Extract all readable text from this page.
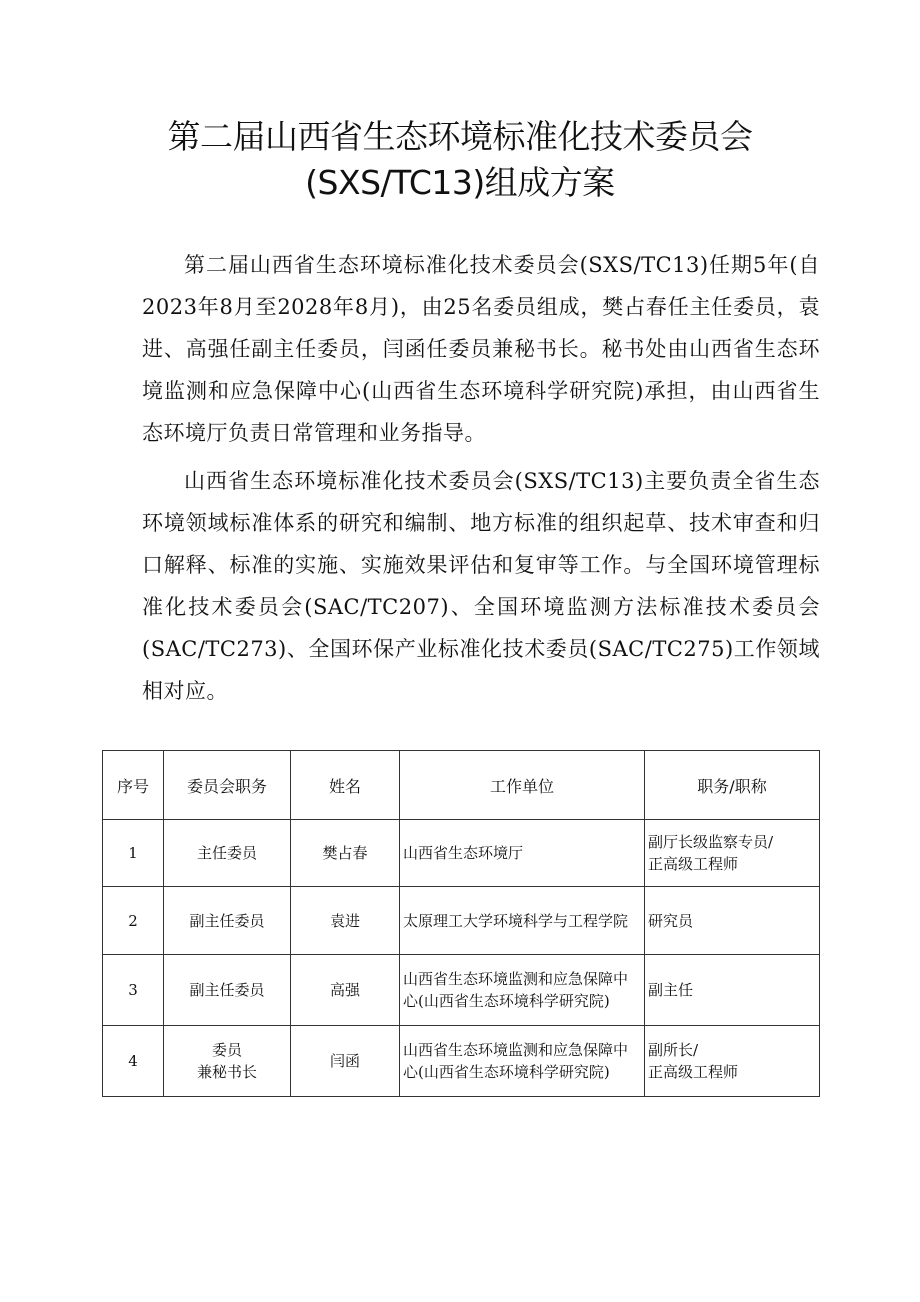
第二届山西省生态环境标准化技术委员会
(SXS/TC13)组成方案

第二届山西省生态环境标准化技术委员会(SXS/TC13)任期5年(自2023年8月至2028年8月)，由25名委员组成，樊占春任主任委员，袁进、高强任副主任委员，闫函任委员兼秘书长。秘书处由山西省生态环境监测和应急保障中心(山西省生态环境科学研究院)承担，由山西省生态环境厅负责日常管理和业务指导。

山西省生态环境标准化技术委员会(SXS/TC13)主要负责全省生态环境领域标准体系的研究和编制、地方标准的组织起草、技术审查和归口解释、标准的实施、实施效果评估和复审等工作。与全国环境管理标准化技术委员会(SAC/TC207)、全国环境监测方法标准技术委员会(SAC/TC273)、全国环保产业标准化技术委员(SAC/TC275)工作领域相对应。

序号	委员会职务	姓名	工作单位	职务/职称
1	主任委员	樊占春	山西省生态环境厅	副厅长级监察专员/
正高级工程师

2	副主任委员	袁进	太原理工大学环境科学与工程学院	研究员

3	副主任委员	高强	山西省生态环境监测和应急保障中心(山西省生态环境科学研究院)	副主任

4	委员
兼秘书长	闫函	山西省生态环境监测和应急保障中心(山西省生态环境科学研究院)	副所长/
正高级工程师
